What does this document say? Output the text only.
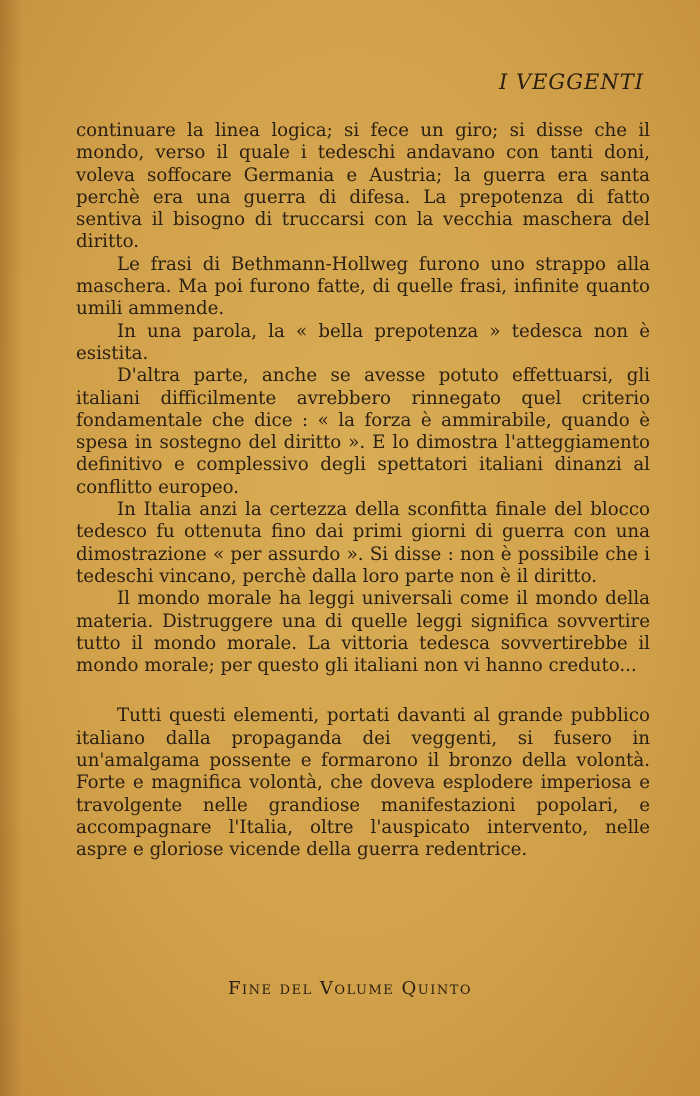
I VEGGENTI

continuare la linea logica; si fece un giro; si disse che il mondo, verso il quale i tedeschi andavano con tanti doni, voleva soffocare Germania e Austria; la guerra era santa perchè era una guerra di difesa. La prepotenza di fatto sentiva il bisogno di truccarsi con la vecchia maschera del diritto.

Le frasi di Bethmann-Hollweg furono uno strappo alla maschera. Ma poi furono fatte, di quelle frasi, infinite quanto umili ammende.

In una parola, la « bella prepotenza » tedesca non è esistita.

D'altra parte, anche se avesse potuto effettuarsi, gli italiani difficilmente avrebbero rinnegato quel criterio fondamentale che dice : « la forza è ammirabile, quando è spesa in sostegno del diritto ». E lo dimostra l'atteggiamento definitivo e complessivo degli spettatori italiani dinanzi al conflitto europeo.

In Italia anzi la certezza della sconfitta finale del blocco tedesco fu ottenuta fino dai primi giorni di guerra con una dimostrazione « per assurdo ». Si disse : non è possibile che i tedeschi vincano, perchè dalla loro parte non è il diritto.

Il mondo morale ha leggi universali come il mondo della materia. Distruggere una di quelle leggi significa sovvertire tutto il mondo morale. La vittoria tedesca sovvertirebbe il mondo morale; per questo gli italiani non vi hanno creduto...

Tutti questi elementi, portati davanti al grande pubblico italiano dalla propaganda dei veggenti, si fusero in un'amalgama possente e formarono il bronzo della volontà. Forte e magnifica volontà, che doveva esplodere imperiosa e travolgente nelle grandiose manifestazioni popolari, e accompagnare l'Italia, oltre l'auspicato intervento, nelle aspre e gloriose vicende della guerra redentrice.

Fine del Volume Quinto
